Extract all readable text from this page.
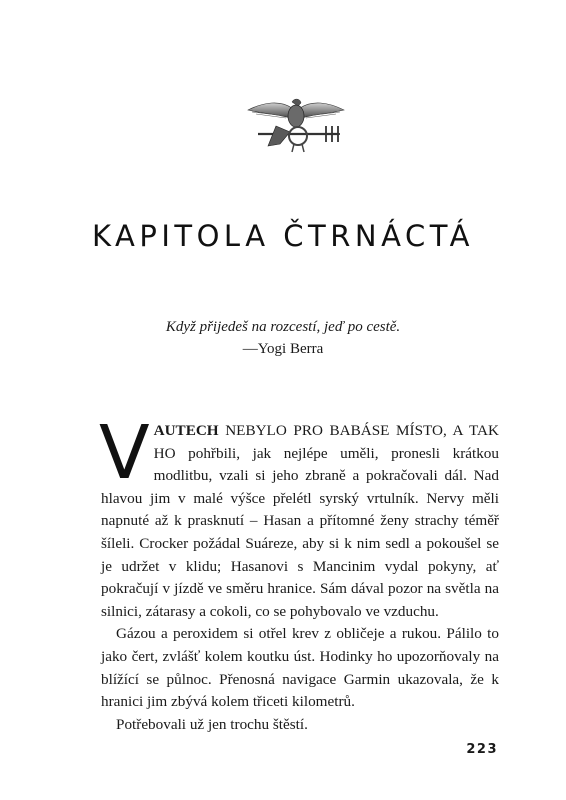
KAPITOLA ČTRNÁCTÁ
Když přijedeš na rozcestí, jeď po cestě.
—Yogi Berra

VAUTECH NEBYLO PRO BABÁSE MÍSTO, A TAK HO pohřbili, jak nejlépe uměli, pronesli krátkou modlitbu, vzali si jeho zbraně a pokračovali dál. Nad hlavou jim v malé výšce přelétl syrský vrtulník. Nervy měli napnuté až k prasknutí – Hasan a přítomné ženy strachy téměř šíleli. Crocker požádal Suáreze, aby si k nim sedl a pokoušel se je udržet v klidu; Hasanovi s Mancinim vydal pokyny, ať pokračují v jízdě ve směru hranice. Sám dával pozor na světla na silnici, zátarasy a cokoli, co se pohybovalo ve vzduchu.

Gázou a peroxidem si otřel krev z obličeje a rukou. Pálilo to jako čert, zvlášť kolem koutku úst. Hodinky ho upozorňovaly na blížící se půlnoc. Přenosná navigace Garmin ukazovala, že k hranici jim zbývá kolem třiceti kilometrů.

Potřebovali už jen trochu štěstí.

223
